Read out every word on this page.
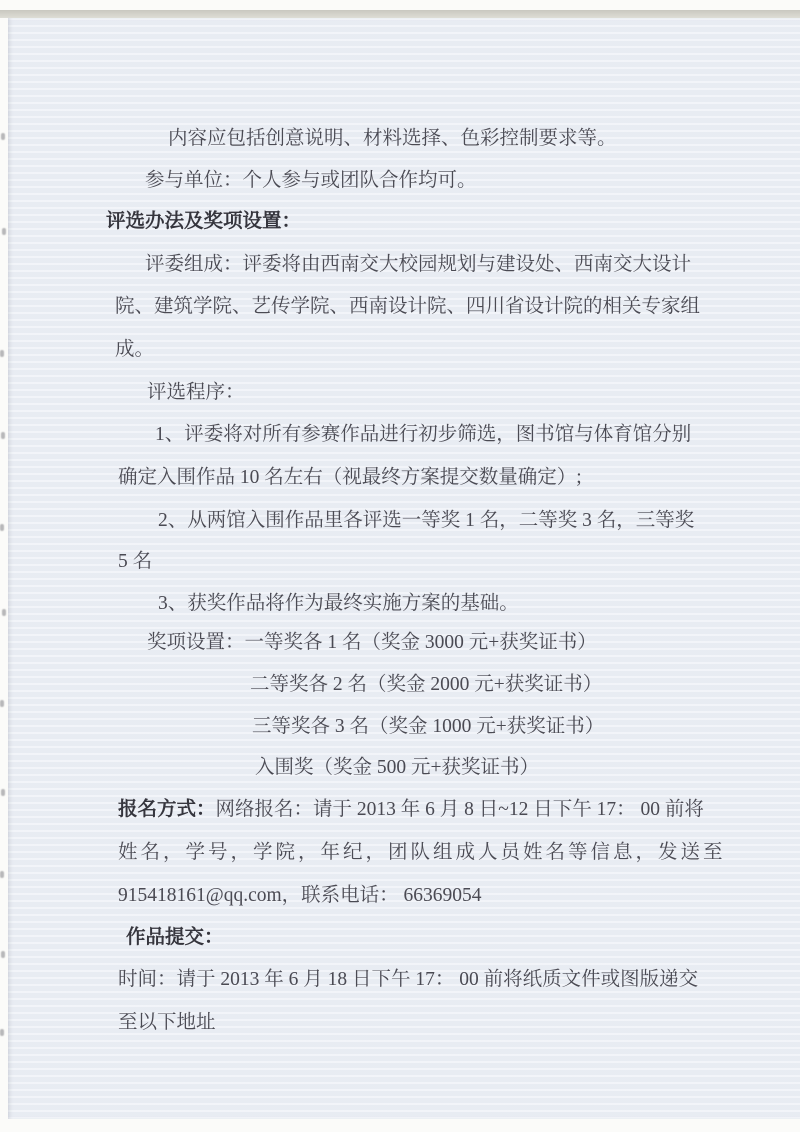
内容应包括创意说明、材料选择、色彩控制要求等。
参与单位：个人参与或团队合作均可。
评选办法及奖项设置：
评委组成：评委将由西南交大校园规划与建设处、西南交大设计
院、建筑学院、艺传学院、西南设计院、四川省设计院的相关专家组
成。
评选程序：
1、评委将对所有参赛作品进行初步筛选，图书馆与体育馆分别
确定入围作品 10 名左右（视最终方案提交数量确定）;
2、从两馆入围作品里各评选一等奖 1 名，二等奖 3 名，三等奖
5 名
3、获奖作品将作为最终实施方案的基础。
奖项设置：一等奖各 1 名（奖金 3000 元+获奖证书）
二等奖各 2 名（奖金 2000 元+获奖证书）
三等奖各 3 名（奖金 1000 元+获奖证书）
入围奖（奖金 500 元+获奖证书）
报名方式：网络报名：请于 2013 年 6 月 8 日~12 日下午 17： 00 前将
姓名，学号，学院，年纪，团队组成人员姓名等信息，发送至
915418161@qq.com，联系电话： 66369054
作品提交：
时间：请于 2013 年 6 月 18 日下午 17： 00 前将纸质文件或图版递交
至以下地址
